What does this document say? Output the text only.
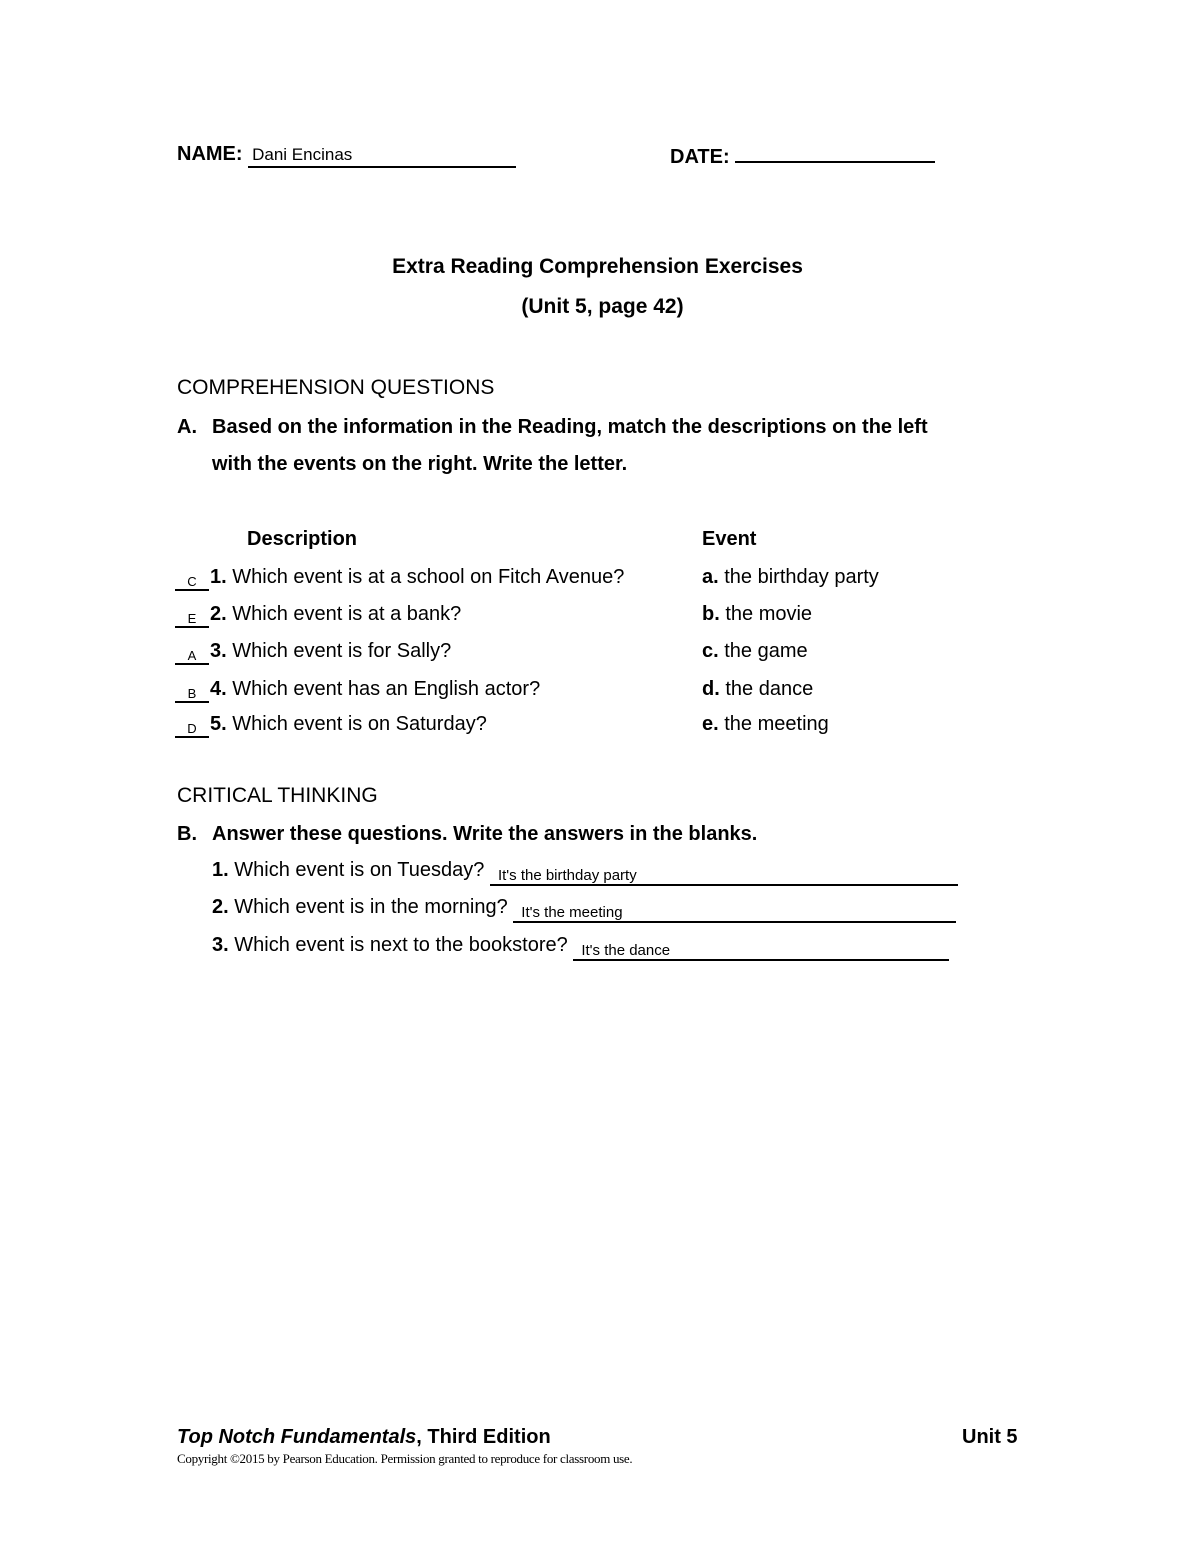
NAME: Dani Encinas	DATE:
Extra Reading Comprehension Exercises
(Unit 5, page 42)
COMPREHENSION QUESTIONS
A. Based on the information in the Reading, match the descriptions on the left
with the events on the right. Write the letter.
Description	Event
C 1. Which event is at a school on Fitch Avenue?	a. the birthday party
E 2. Which event is at a bank?	b. the movie
A 3. Which event is for Sally?	c. the game
B 4. Which event has an English actor?	d. the dance
D 5. Which event is on Saturday?	e. the meeting
CRITICAL THINKING
B. Answer these questions. Write the answers in the blanks.
1. Which event is on Tuesday? It's the birthday party
2. Which event is in the morning? It's the meeting
3. Which event is next to the bookstore? It's the dance
Top Notch Fundamentals, Third Edition	Unit 5
Copyright ©2015 by Pearson Education. Permission granted to reproduce for classroom use.
